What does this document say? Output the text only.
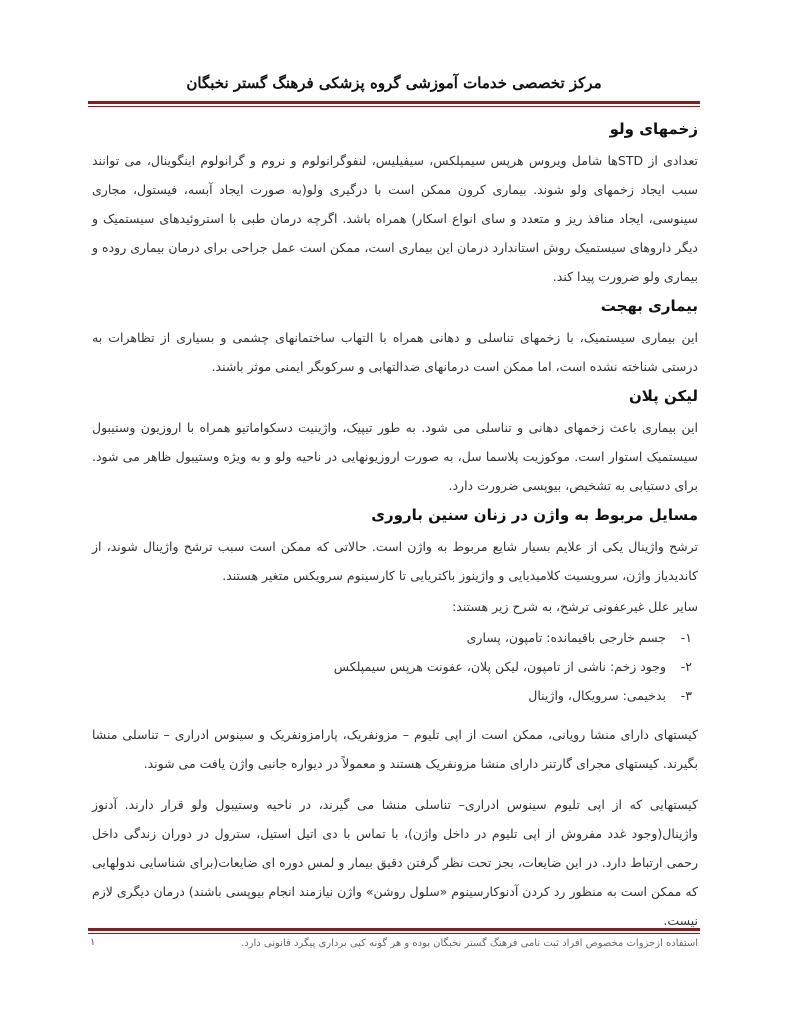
مرکز تخصصی خدمات آموزشی گروه پزشکی فرهنگ گستر نخبگان
زخمهای ولو

تعدادی از STDها شامل ویروس هرپس سیمپلکس، سیفیلیس، لنفوگرانولوم و نروم و گرانولوم اینگوینال، می توانند سبب ایجاد زخمهای ولو شوند. بیماری کرون ممکن است با درگیری ولو(به صورت ایجاد آبسه، فیستول، مجاری سینوسی، ایجاد منافذ ریز و متعدد و سای انواع اسکار) همراه باشد. اگرچه درمان طبی با استروئیدهای سیستمیک و دیگر داروهای سیستمیک روش استاندارد درمان این بیماری است، ممکن است عمل جراحی برای درمان بیماری روده و بیماری ولو ضرورت پیدا کند.

بیماری بهجت

این بیماری سیستمیک، با زخمهای تناسلی و دهانی همراه با التهاب ساختمانهای چشمی و بسیاری از تظاهرات به درستی شناخته نشده است، اما ممکن است درمانهای ضدالتهابی و سرکوبگر ایمنی موثر باشند.

لیکن پلان

این بیماری باعث زخمهای دهانی و تناسلی می شود. به طور تیپیک، واژینیت دسکواماتیو همراه با اروزیون وستیبول سیستمیک استوار است. موکوزیت پلاسما سل، به صورت اروزیونهایی در ناحیه ولو و به ویژه وستیبول ظاهر می شود. برای دستیابی به تشخیص، بیوپسی ضرورت دارد.

مسایل مربوط به واژن در زنان سنین باروری

ترشح واژینال یکی از علایم بسیار شایع مربوط به واژن است. حالاتی که ممکن است سبب ترشح واژینال شوند، از کاندیدیاز واژن، سرویسیت کلامیدیایی و واژینوز باکتریایی تا کارسینوم سرویکس متغیر هستند.

سایر علل غیرعفونی ترشح، به شرح زیر هستند:

۱- جسم خارجی باقیمانده: تامپون، پساری
۲- وجود زخم: ناشی از تامپون، لیکن پلان، عفونت هرپس سیمپلکس
۳- بدخیمی: سرویکال، واژینال

کیستهای دارای منشا رویانی، ممکن است از اپی تلیوم – مزونفریک، پارامزونفریک و سینوس ادراری – تناسلی منشا بگیرند. کیستهای مجرای گارتنر دارای منشا مزونفریک هستند و معمولاً در دیواره جانبی واژن یافت می شوند.

کیستهایی که از اپی تلیوم سینوس ادراری– تناسلی منشا می گیرند، در ناحیه وستیبول ولو قرار دارند. آدنوز واژینال(وجود غدد مفروش از اپی تلیوم در داخل واژن)، با تماس با دی اتیل استیل، سترول در دوران زندگی داخل رحمی ارتباط دارد. در این ضایعات، بجز تحت نظر گرفتن دقیق بیمار و لمس دوره ای ضایعات(برای شناسایی ندولهایی که ممکن است به منظور رد کردن آدنوکارسینوم «سلول روشن» واژن نیازمند انجام بیوپسی باشند) درمان دیگری لازم نیست.

استفاده ازجزوات مخصوص افراد ثبت نامی فرهنگ گستر نخبگان بوده و هر گونه کپی برداری پیگرد قانونی دارد.
۱
